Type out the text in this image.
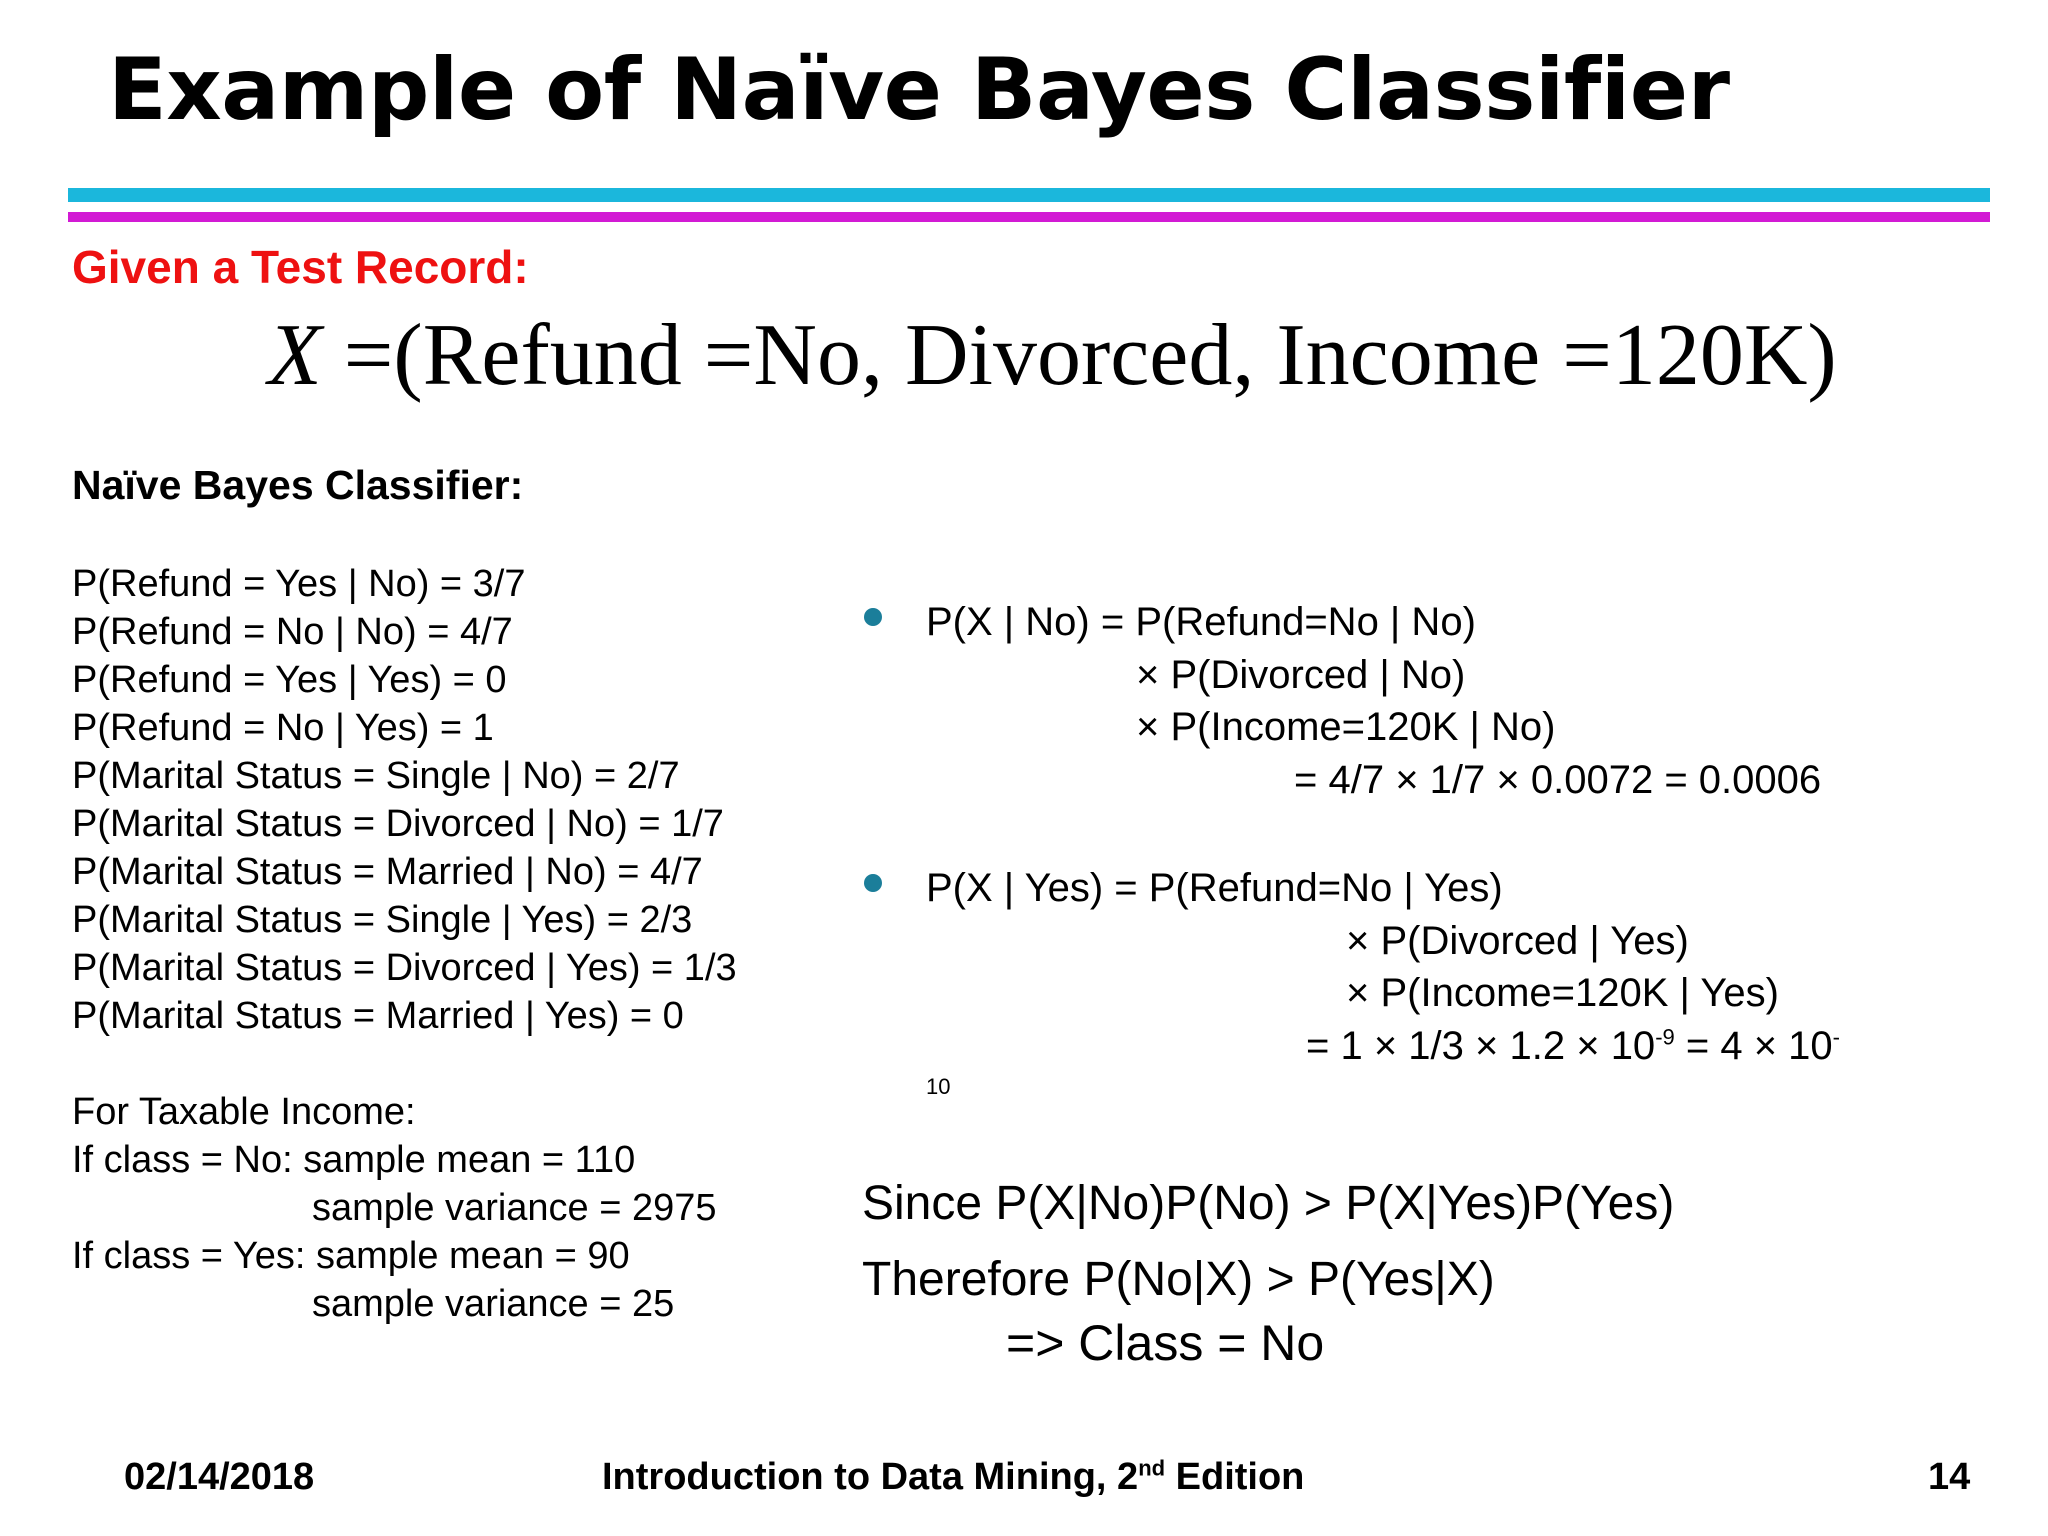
Example of Naïve Bayes Classifier
Given a Test Record:
X =(Refund =No, Divorced, Income =120K)
Naïve Bayes Classifier:
P(Refund = Yes | No) = 3/7
P(Refund = No | No) = 4/7
P(Refund = Yes | Yes) = 0
P(Refund = No | Yes) = 1
P(Marital Status = Single | No) = 2/7
P(Marital Status = Divorced | No) = 1/7
P(Marital Status = Married | No) = 4/7
P(Marital Status = Single | Yes) = 2/3
P(Marital Status = Divorced | Yes) = 1/3
P(Marital Status = Married | Yes) = 0
For Taxable Income:
If class = No: sample mean = 110
sample variance = 2975
If class = Yes: sample mean = 90
sample variance = 25
P(X | No) = P(Refund=No | No)
× P(Divorced | No)
× P(Income=120K | No)
= 4/7 × 1/7 × 0.0072 = 0.0006
P(X | Yes) = P(Refund=No | Yes)
× P(Divorced | Yes)
× P(Income=120K | Yes)
= $1 \times 1/3 \times 1.2 \times 10^{-9} = 4 \times 10^-$
10
Since P(X|No)P(No) > P(X|Yes)P(Yes)
Therefore P(No|X) > P(Yes|X)
=> Class = No
02/14/2018	Introduction to Data Mining, 2nd Edition	14
